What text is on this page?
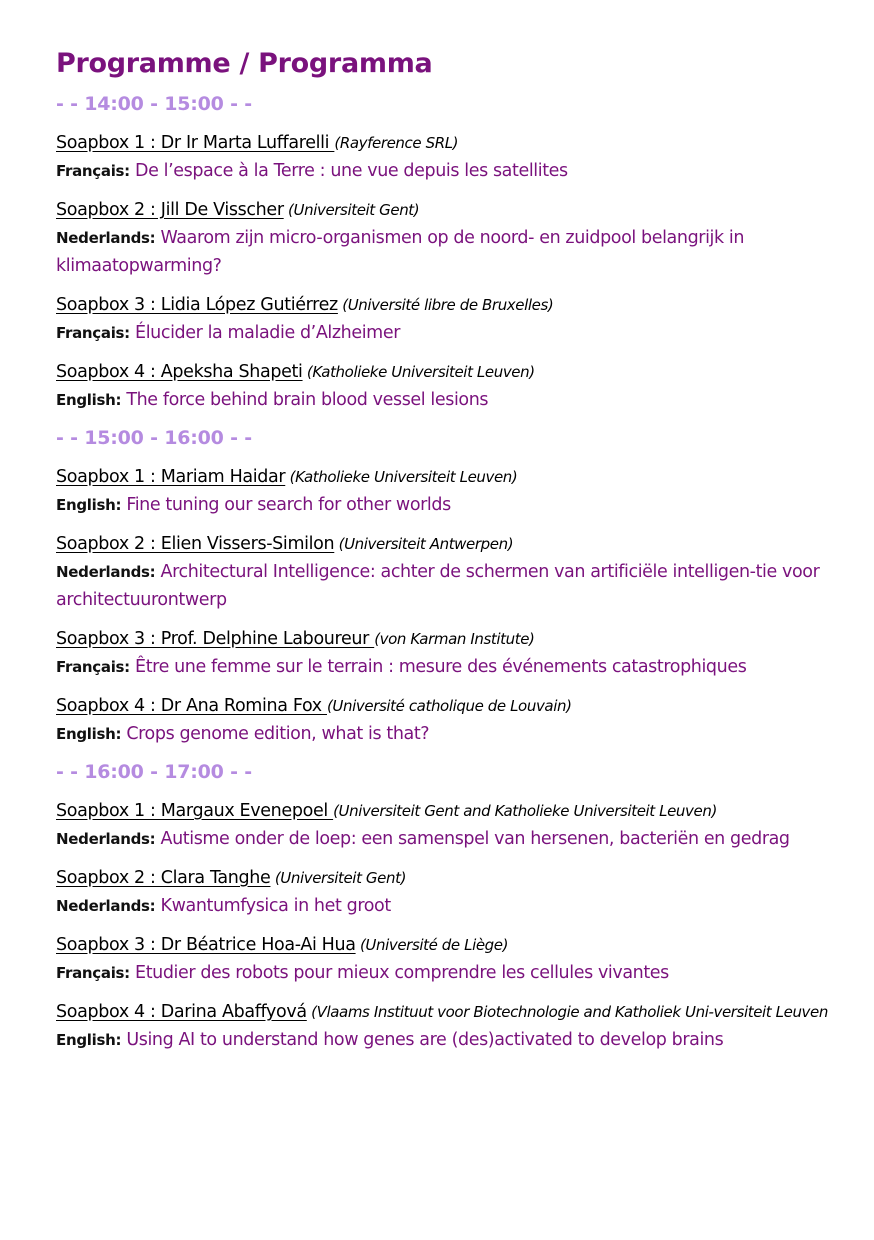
Programme / Programma
- - 14:00 - 15:00 - -
Soapbox 1 : Dr Ir Marta Luffarelli (Rayference SRL)
Français: De l’espace à la Terre : une vue depuis les satellites
Soapbox 2 : Jill De Visscher (Universiteit Gent)
Nederlands: Waarom zijn micro-organismen op de noord- en zuidpool belangrijk in klimaatopwarming?
Soapbox 3 : Lidia López Gutiérrez (Université libre de Bruxelles)
Français: Élucider la maladie d’Alzheimer
Soapbox 4 : Apeksha Shapeti (Katholieke Universiteit Leuven)
English: The force behind brain blood vessel lesions
- - 15:00 - 16:00 - -
Soapbox 1 : Mariam Haidar (Katholieke Universiteit Leuven)
English: Fine tuning our search for other worlds
Soapbox 2 : Elien Vissers-Similon (Universiteit Antwerpen)
Nederlands: Architectural Intelligence: achter de schermen van artificiële intelligen-tie voor architectuurontwerp
Soapbox 3 : Prof. Delphine Laboureur (von Karman Institute)
Français: Être une femme sur le terrain : mesure des événements catastrophiques
Soapbox 4 : Dr Ana Romina Fox (Université catholique de Louvain)
English: Crops genome edition, what is that?
- - 16:00 - 17:00 - -
Soapbox 1 : Margaux Evenepoel (Universiteit Gent and Katholieke Universiteit Leuven)
Nederlands: Autisme onder de loep: een samenspel van hersenen, bacteriën en gedrag
Soapbox 2 : Clara Tanghe (Universiteit Gent)
Nederlands: Kwantumfysica in het groot
Soapbox 3 : Dr Béatrice Hoa-Ai Hua (Université de Liège)
Français: Etudier des robots pour mieux comprendre les cellules vivantes
Soapbox 4 : Darina Abaffyová (Vlaams Instituut voor Biotechnologie and Katholiek Uni-versiteit Leuven
English: Using AI to understand how genes are (des)activated to develop brains
